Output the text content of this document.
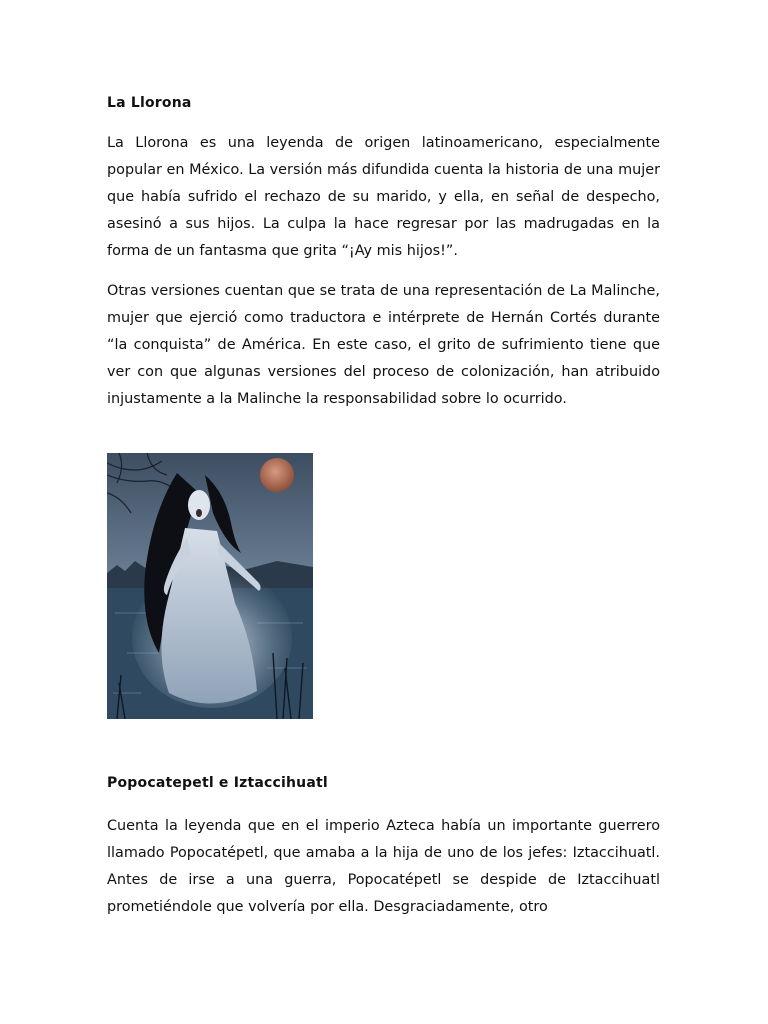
La Llorona

La Llorona es una leyenda de origen latinoamericano, especialmente popular en México. La versión más difundida cuenta la historia de una mujer que había sufrido el rechazo de su marido, y ella, en señal de despecho, asesinó a sus hijos. La culpa la hace regresar por las madrugadas en la forma de un fantasma que grita “¡Ay mis hijos!”.

Otras versiones cuentan que se trata de una representación de La Malinche, mujer que ejerció como traductora e intérprete de Hernán Cortés durante “la conquista” de América. En este caso, el grito de sufrimiento tiene que ver con que algunas versiones del proceso de colonización, han atribuido injustamente a la Malinche la responsabilidad sobre lo ocurrido.

Popocatepetl e Iztaccihuatl

Cuenta la leyenda que en el imperio Azteca había un importante guerrero llamado Popocatépetl, que amaba a la hija de uno de los jefes: Iztaccihuatl. Antes de irse a una guerra, Popocatépetl se despide de Iztaccihuatl prometiéndole que volvería por ella. Desgraciadamente, otro
